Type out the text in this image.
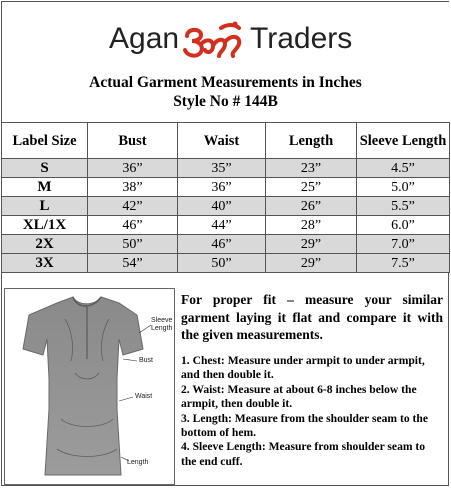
Agan Traders
Actual Garment Measurements in Inches
Style No # 144B
Label Size	Bust	Waist	Length	Sleeve Length
S	36”	35”	23”	4.5”
M	38”	36”	25”	5.0”
L	42”	40”	26”	5.5”
XL/1X	46”	44”	28”	6.0”
2X	50”	46”	29”	7.0”
3X	54”	50”	29”	7.5”
Sleeve Length
Bust
Waist
Length
For proper fit – measure your similar garment laying it flat and compare it with the given measurements.

1. Chest: Measure under armpit to under armpit, and then double it.

2. Waist: Measure at about 6-8 inches below the armpit, then double it.

3. Length: Measure from the shoulder seam to the bottom of hem.

4. Sleeve Length: Measure from shoulder seam to the end cuff.
